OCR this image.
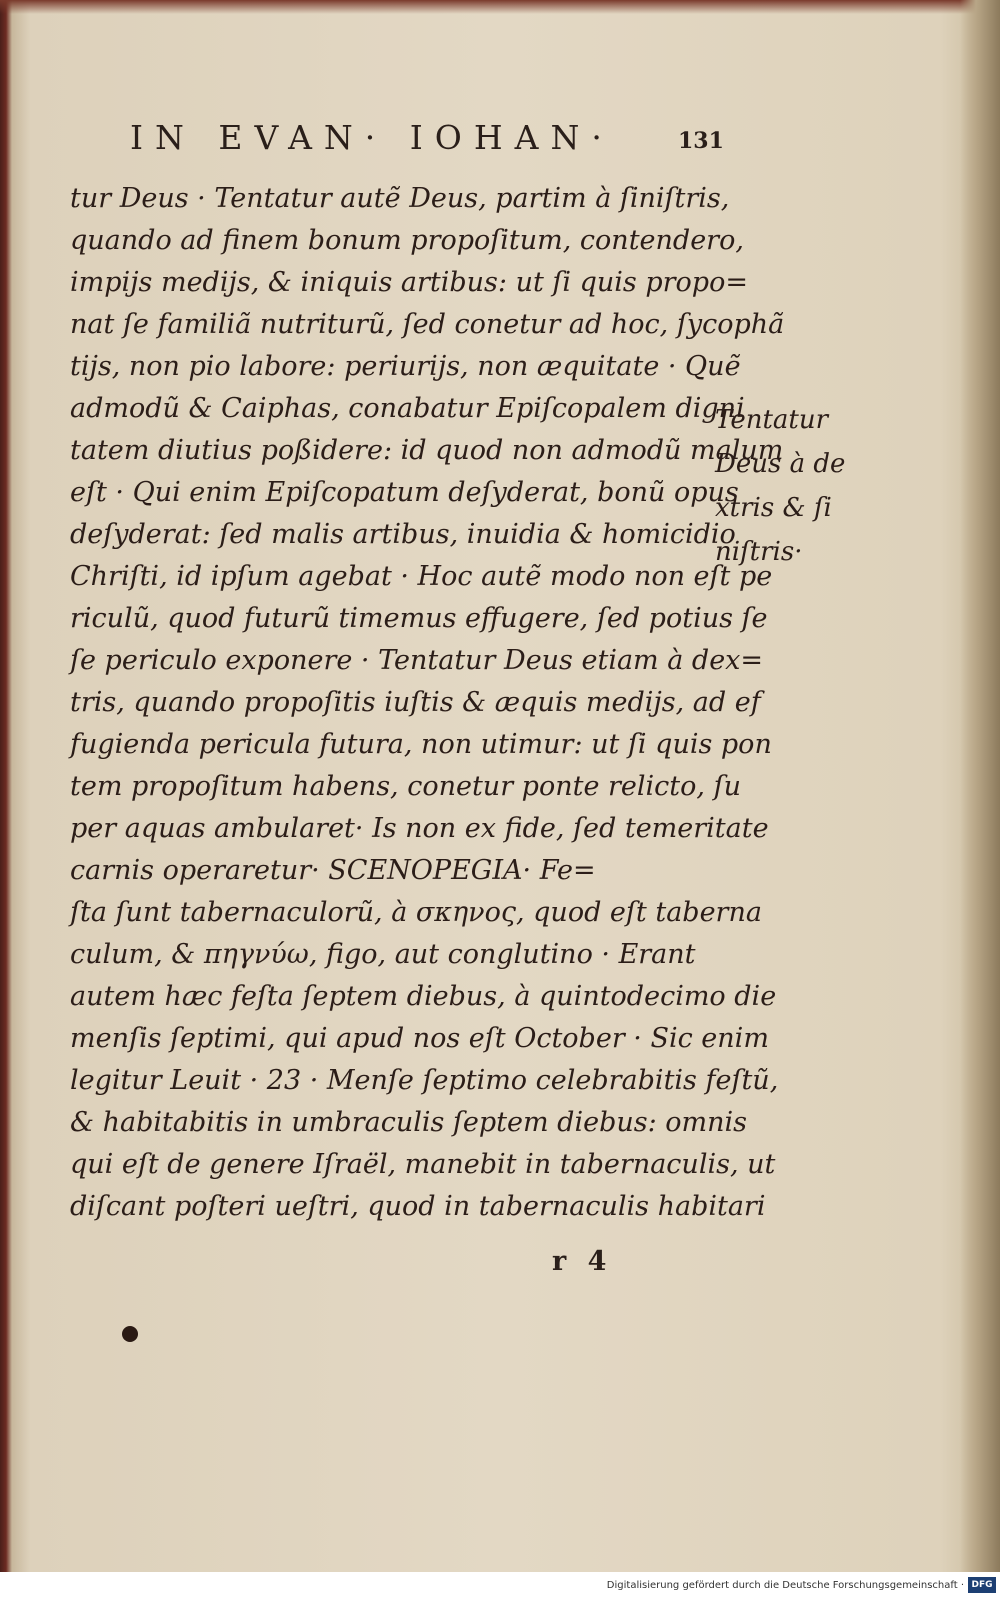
IN EVAN· IOHAN·	131
tur Deus · Tentatur autẽ Deus, partim à ſiniſtris,
quando ad finem bonum propoſitum, contendero,
impijs medijs, & iniquis artibus: ut ſi quis propo=
nat ſe familiã nutriturũ, ſed conetur ad hoc, ſycophã
tijs, non pio labore: periurijs, non æquitate · Quẽ
admodũ & Caiphas, conabatur Epiſcopalem digni
tatem diutius poßidere: id quod non admodũ malum
eſt · Qui enim Epiſcopatum deſyderat, bonũ opus
deſyderat: ſed malis artibus, inuidia & homicidio
Chriſti, id ipſum agebat · Hoc autẽ modo non eſt pe
riculũ, quod futurũ timemus effugere, ſed potius ſe
ſe periculo exponere · Tentatur Deus etiam à dex=
tris, quando propoſitis iuſtis & æquis medijs, ad ef
fugienda pericula futura, non utimur: ut ſi quis pon
tem propoſitum habens, conetur ponte relicto, ſu
per aquas ambularet· Is non ex fide, ſed temeritate
carnis operaretur· SCENOPEGIA· Fe=
ſta ſunt tabernaculorũ, à σκηνος, quod eſt taberna
culum, & πηγνύω, figo, aut conglutino · Erant
autem hæc feſta ſeptem diebus, à quintodecimo die
menſis ſeptimi, qui apud nos eſt October · Sic enim
legitur Leuit · 23 · Menſe ſeptimo celebrabitis feſtũ,
& habitabitis in umbraculis ſeptem diebus: omnis
qui eſt de genere Iſraël, manebit in tabernaculis, ut
diſcant poſteri ueſtri, quod in tabernaculis habitari
Tentatur
Deus à de
xtris & ſi
niſtris·
r 4
Digitalisierung gefördert durch die Deutsche Forschungsgemeinschaft · DFG
